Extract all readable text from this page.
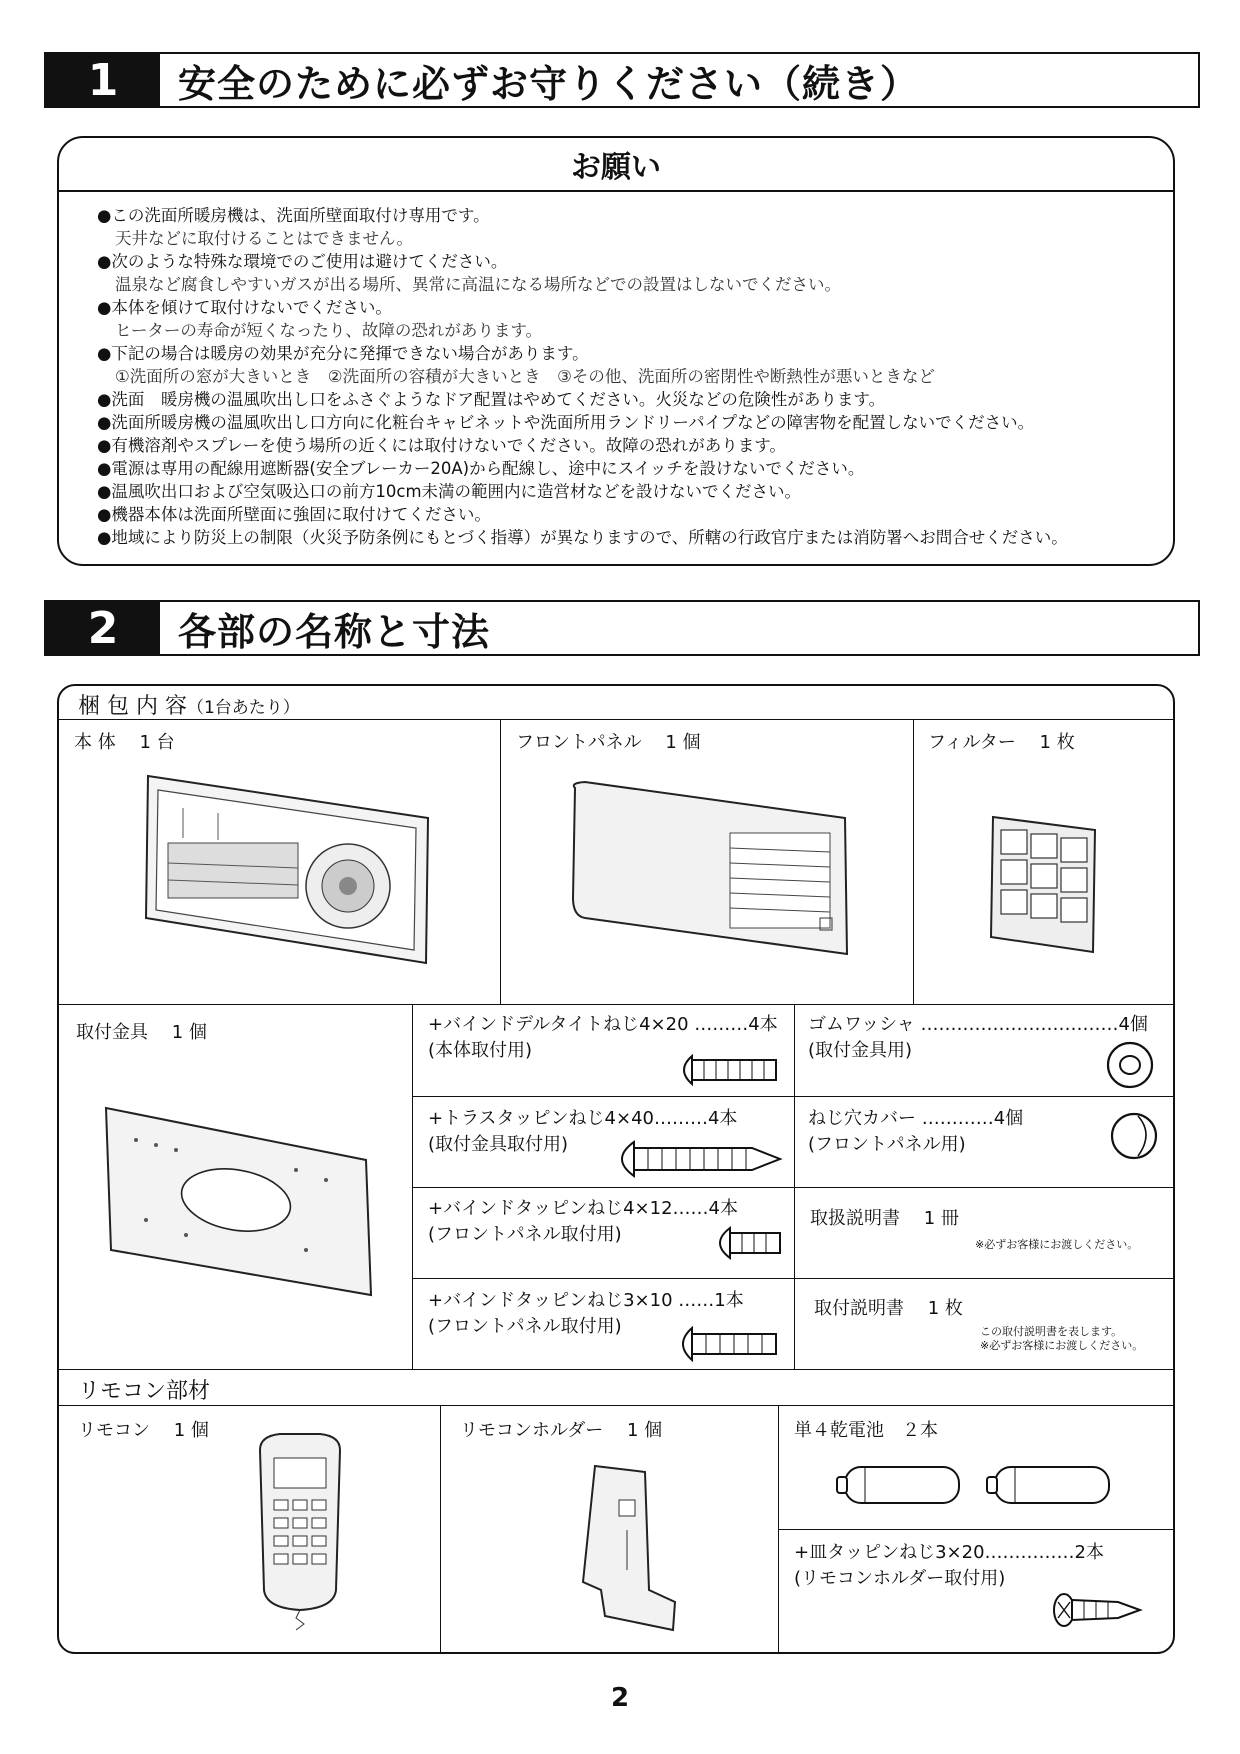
1	安全のために必ずお守りください（続き）
お願い
●この洗面所暖房機は、洗面所壁面取付け専用です。
天井などに取付けることはできません。
●次のような特殊な環境でのご使用は避けてください。
温泉など腐食しやすいガスが出る場所、異常に高温になる場所などでの設置はしないでください。
●本体を傾けて取付けないでください。
ヒーターの寿命が短くなったり、故障の恐れがあります。
●下記の場合は暖房の効果が充分に発揮できない場合があります。
①洗面所の窓が大きいとき　②洗面所の容積が大きいとき　③その他、洗面所の密閉性や断熱性が悪いときなど
●洗面　暖房機の温風吹出し口をふさぐようなドア配置はやめてください。火災などの危険性があります。
●洗面所暖房機の温風吹出し口方向に化粧台キャビネットや洗面所用ランドリーパイプなどの障害物を配置しないでください。
●有機溶剤やスプレーを使う場所の近くには取付けないでください。故障の恐れがあります。
●電源は専用の配線用遮断器(安全ブレーカー20A)から配線し、途中にスイッチを設けないでください。
●温風吹出口および空気吸込口の前方10cm未満の範囲内に造営材などを設けないでください。
●機器本体は洗面所壁面に強固に取付けてください。
●地域により防災上の制限（火災予防条例にもとづく指導）が異なりますので、所轄の行政官庁または消防署へお問合せください。
2	各部の名称と寸法
梱 包 内 容（1台あたり）
本 体　 1 台	フロントパネル　 1 個	フィルター　 1 枚
取付金具　 1 個	+バインドデルタイトねじ4×20 ………4本
(本体取付用)
ゴムワッシャ ……………………………4個
(取付金具用)
+トラスタッピンねじ4×40………4本
(取付金具取付用)
ねじ穴カバー …………4個
(フロントパネル用)
+バインドタッピンねじ4×12……4本
(フロントパネル取付用)
取扱説明書　 1 冊
※必ずお客様にお渡しください。
+バインドタッピンねじ3×10 ……1本
(フロントパネル取付用)
取付説明書　 1 枚
この取付説明書を表します。
※必ずお客様にお渡しください。
リモコン部材
リモコン　 1 個	リモコンホルダー　 1 個	単４乾電池　２本
+皿タッピンねじ3×20……………2本
(リモコンホルダー取付用)
2
